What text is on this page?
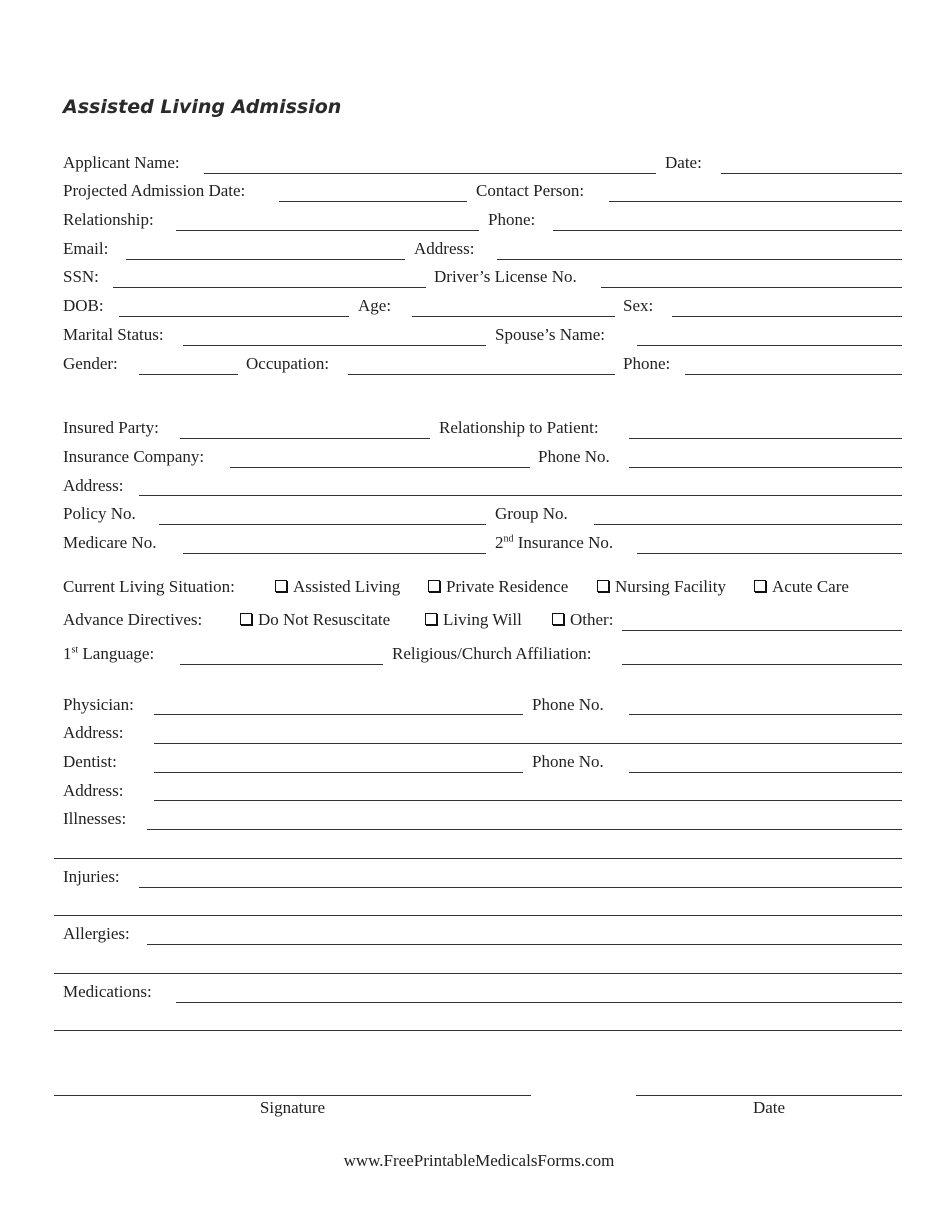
Assisted Living Admission
Applicant Name:	Date:
Projected Admission Date:	Contact Person:
Relationship:	Phone:
Email:	Address:
SSN:	Driver’s License No.
DOB:	Age:	Sex:
Marital Status:	Spouse’s Name:
Gender:	Occupation:	Phone:
Insured Party:	Relationship to Patient:
Insurance Company:	Phone No.
Address:
Policy No.	Group No.
Medicare No.	2nd Insurance No.
Current Living Situation:	Assisted Living	Private Residence	Nursing Facility	Acute Care
Advance Directives:	Do Not Resuscitate	Living Will	Other:
1st Language:	Religious/Church Affiliation:
Physician:	Phone No.
Address:
Dentist:	Phone No.
Address:
Illnesses:
Injuries:
Allergies:
Medications:
Signature	Date
www.FreePrintableMedicalsForms.com
